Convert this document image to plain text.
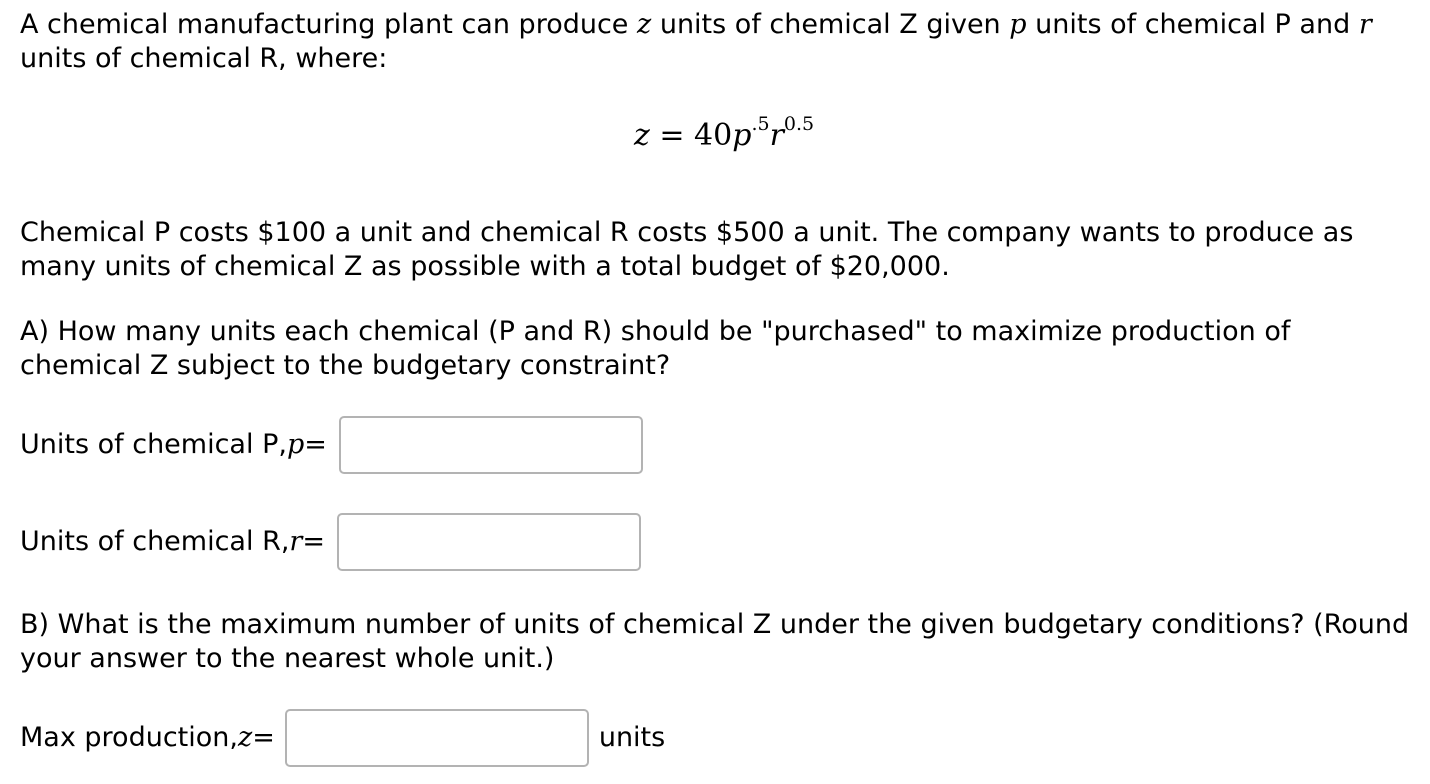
A chemical manufacturing plant can produce z units of chemical Z given p units of chemical P and r units of chemical R, where:
$z = 40p^{.5}r^{0.5}$
Chemical P costs $100 a unit and chemical R costs $500 a unit. The company wants to produce as many units of chemical Z as possible with a total budget of $20,000.
A) How many units each chemical (P and R) should be "purchased" to maximize production of chemical Z subject to the budgetary constraint?
Units of chemical P, p =
Units of chemical R, r =
B) What is the maximum number of units of chemical Z under the given budgetary conditions? (Round your answer to the nearest whole unit.)
Max production, z =	units
